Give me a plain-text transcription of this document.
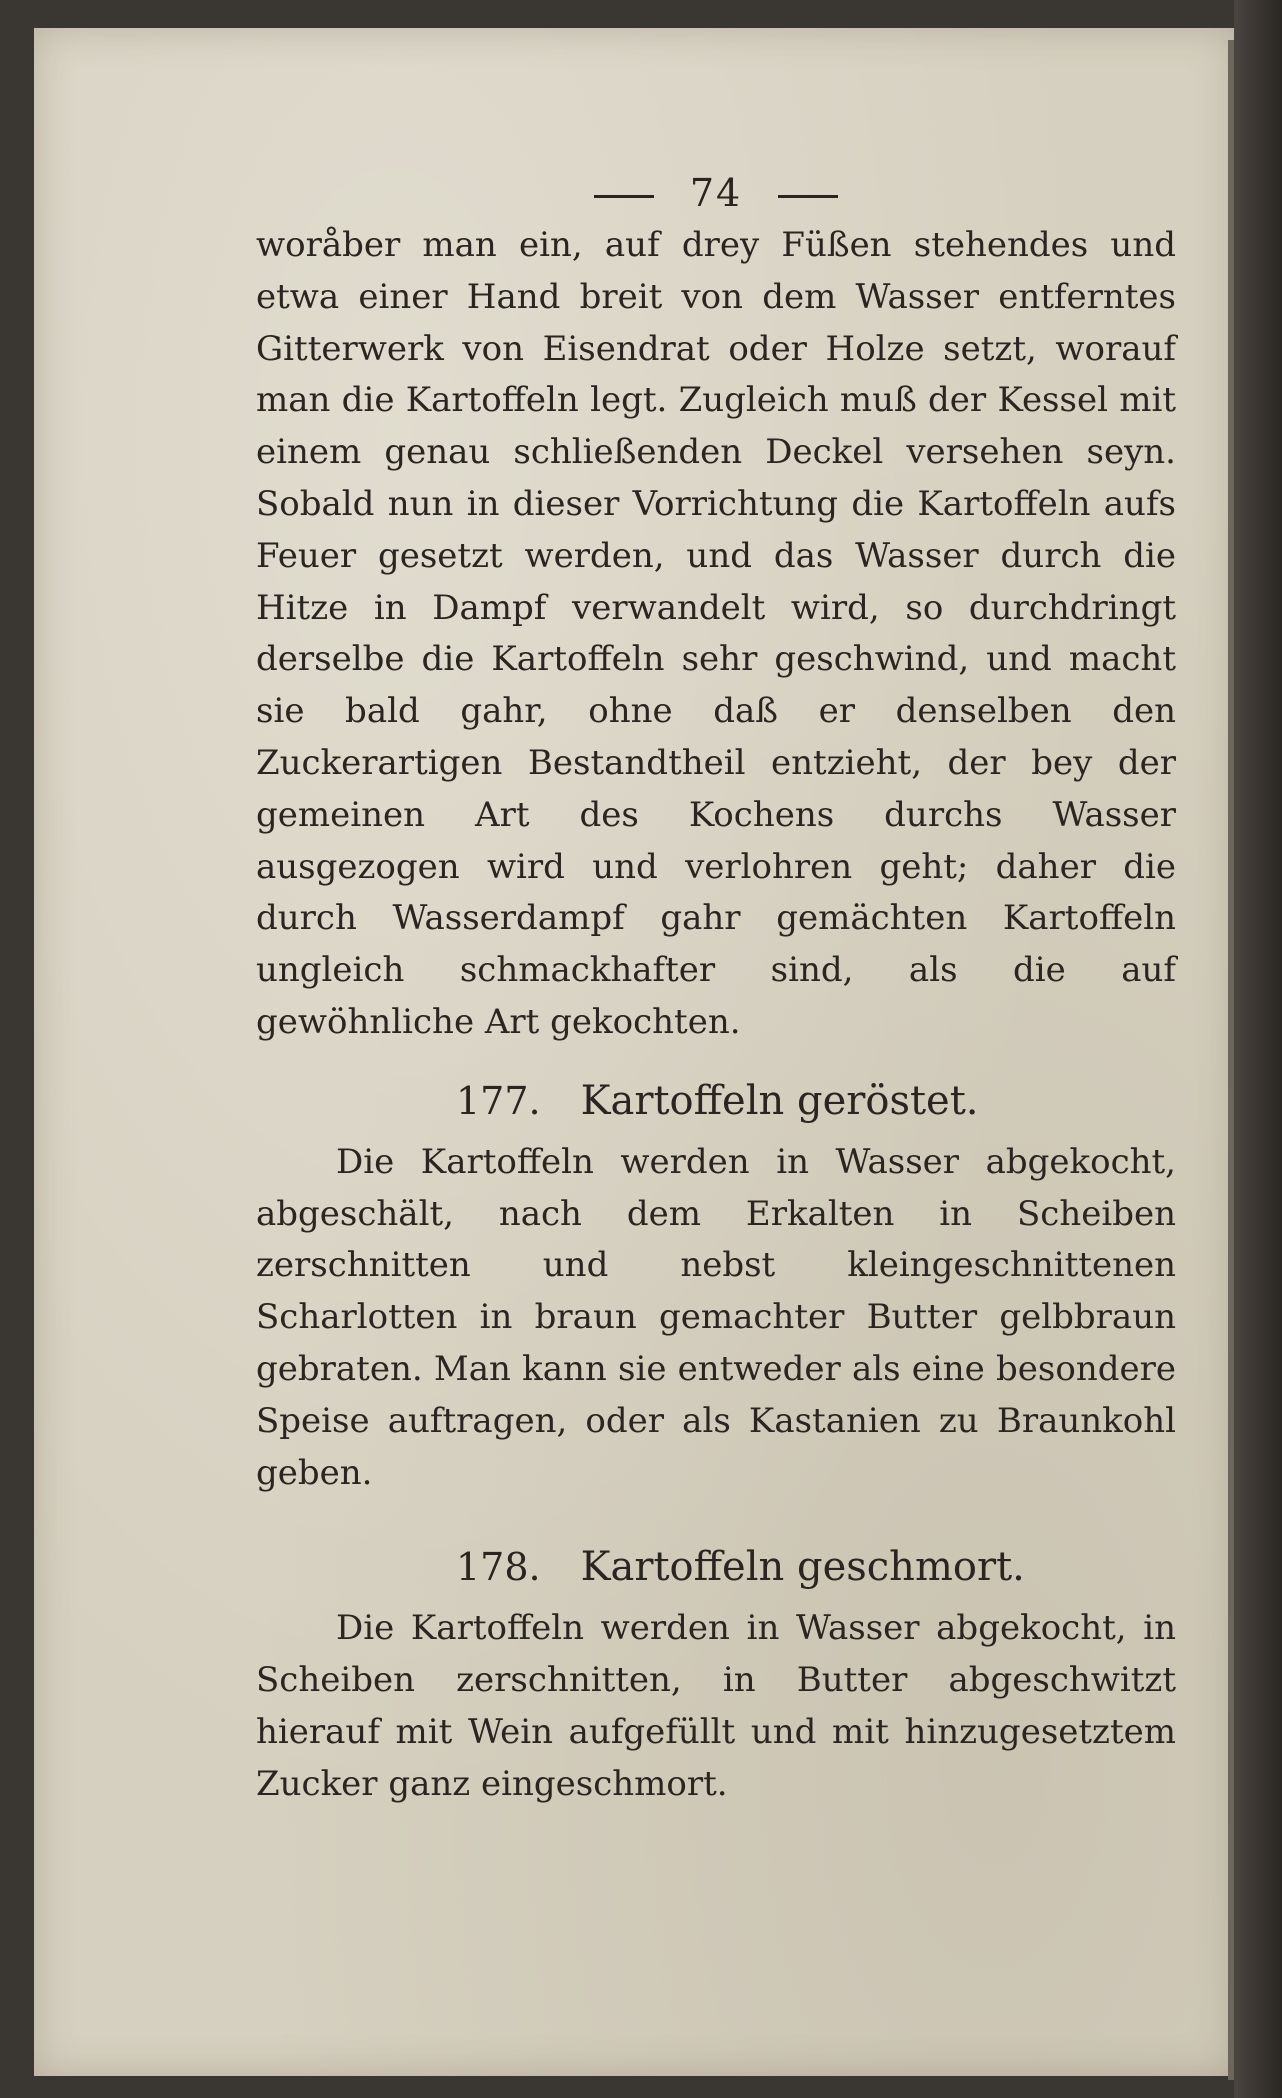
74

woråber man ein, auf drey Füßen stehendes und etwa einer Hand breit von dem Wasser entferntes Gitterwerk von Eisendrat oder Holze setzt, worauf man die Kartoffeln legt. Zugleich muß der Kessel mit einem genau schließenden Deckel versehen seyn. Sobald nun in dieser Vorrichtung die Kartoffeln aufs Feuer gesetzt werden, und das Wasser durch die Hitze in Dampf verwandelt wird, so durchdringt derselbe die Kartoffeln sehr geschwind, und macht sie bald gahr, ohne daß er denselben den Zuckerartigen Bestandtheil entzieht, der bey der gemeinen Art des Kochens durchs Wasser ausgezogen wird und verlohren geht; daher die durch Wasserdampf gahr gemächten Kartoffeln ungleich schmackhafter sind, als die auf gewöhnliche Art gekochten.

177. Kartoffeln geröstet.

Die Kartoffeln werden in Wasser abgekocht, abgeschält, nach dem Erkalten in Scheiben zerschnitten und nebst kleingeschnittenen Scharlotten in braun gemachter Butter gelbbraun gebraten. Man kann sie entweder als eine besondere Speise auftragen, oder als Kastanien zu Braunkohl geben.

178. Kartoffeln geschmort.

Die Kartoffeln werden in Wasser abgekocht, in Scheiben zerschnitten, in Butter abgeschwitzt hierauf mit Wein aufgefüllt und mit hinzugesetztem Zucker ganz eingeschmort.
